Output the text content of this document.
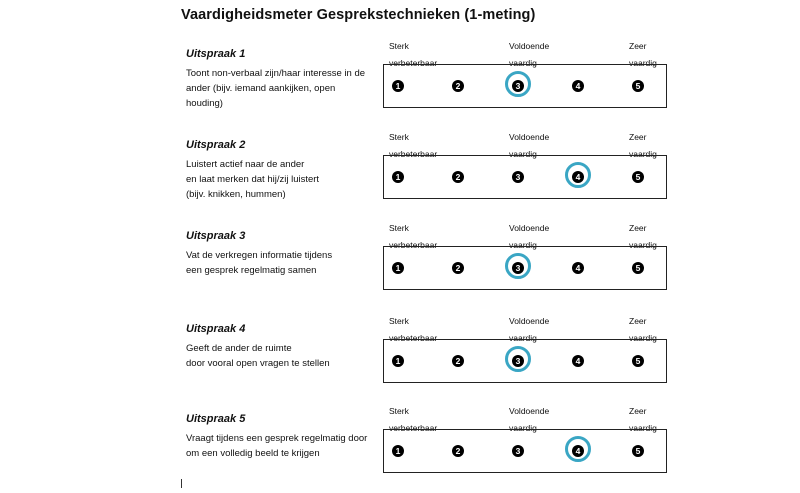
Vaardigheidsmeter Gesprekstechnieken (1-meting)
Uitspraak 1
Toont non-verbaal zijn/haar interesse in de
ander (bijv. iemand aankijken, open
houding)
Sterk
verbeterbaar
Voldoende
vaardig
Zeer
vaardig
1	2	3	4	5
Uitspraak 2
Luistert actief naar de ander
en laat merken dat hij/zij luistert
(bijv. knikken, hummen)
Sterk
verbeterbaar
Voldoende
vaardig
Zeer
vaardig
1	2	3	4	5
Uitspraak 3
Vat de verkregen informatie tijdens
een gesprek regelmatig samen
Sterk
verbeterbaar
Voldoende
vaardig
Zeer
vaardig
1	2	3	4	5
Uitspraak 4
Geeft de ander de ruimte
door vooral open vragen te stellen
Sterk
verbeterbaar
Voldoende
vaardig
Zeer
vaardig
1	2	3	4	5
Uitspraak 5
Vraagt tijdens een gesprek regelmatig door
om een volledig beeld te krijgen
Sterk
verbeterbaar
Voldoende
vaardig
Zeer
vaardig
1	2	3	4	5
